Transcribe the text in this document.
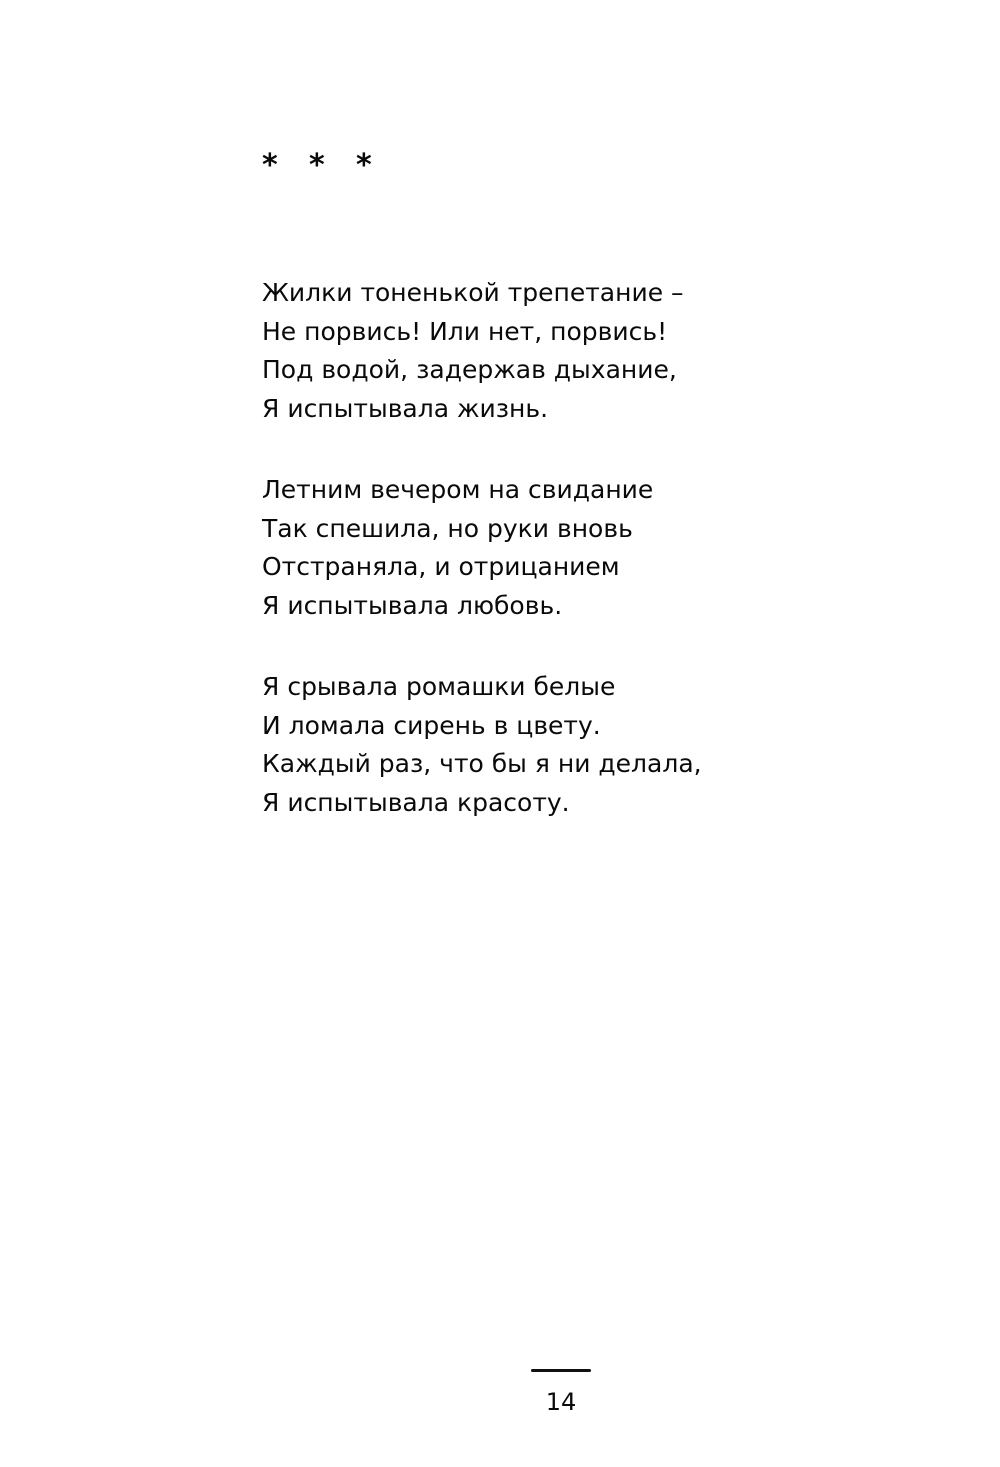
*   *   *
Жилки тоненькой трепетание –
Не порвись! Или нет, порвись!
Под водой, задержав дыхание,
Я испытывала жизнь.
Летним вечером на свидание
Так спешила, но руки вновь
Отстраняла, и отрицанием
Я испытывала любовь.
Я срывала ромашки белые
И ломала сирень в цвету.
Каждый раз, что бы я ни делала,
Я испытывала красоту.
14
